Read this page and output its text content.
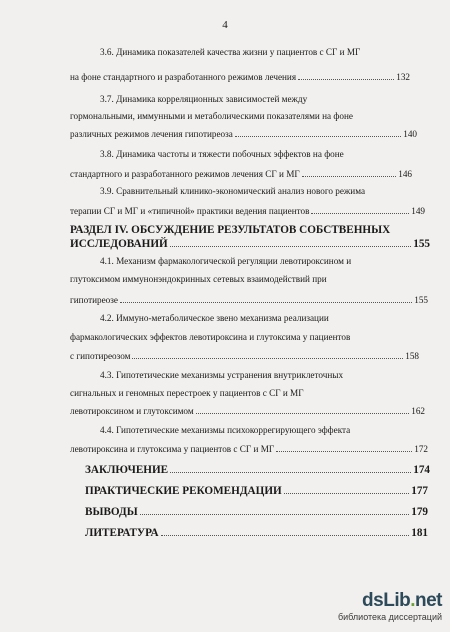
4
3.6. Динамика показателей качества жизни у пациентов с СГ и МГ
на фоне стандартного и разработанного режимов лечения	132
3.7. Динамика корреляционных зависимостей между
гормональными, иммунными и метаболическими показателями на фоне
различных режимов лечения гипотиреоза	140
3.8. Динамика частоты и тяжести побочных эффектов на фоне
стандартного и разработанного режимов лечения СГ и МГ	146
3.9. Сравнительный клинико-экономический анализ нового режима
терапии СГ и МГ и «типичной» практики ведения пациентов	149
РАЗДЕЛ IV. ОБСУЖДЕНИЕ РЕЗУЛЬТАТОВ СОБСТВЕННЫХ
ИССЛЕДОВАНИЙ	155
4.1. Механизм фармакологической регуляции левотироксином и
глутоксимом иммунонэндокринных сетевых взаимодействий при
гипотиреозе	155
4.2. Иммуно-метаболическое звено механизма реализации
фармакологических эффектов левотироксина и глутоксима у пациентов
с гипотиреозом	158
4.3. Гипотетические механизмы устранения внутриклеточных
сигнальных и геномных перестроек у пациентов с СГ и МГ
левотироксином и глутоксимом	162
4.4. Гипотетические механизмы психокоррегирующего эффекта
левотироксина и глутоксима у пациентов с СГ и МГ	172
ЗАКЛЮЧЕНИЕ	174
ПРАКТИЧЕСКИЕ РЕКОМЕНДАЦИИ	177
ВЫВОДЫ	179
ЛИТЕРАТУРА	181
dsLib.net
библиотека диссертаций
